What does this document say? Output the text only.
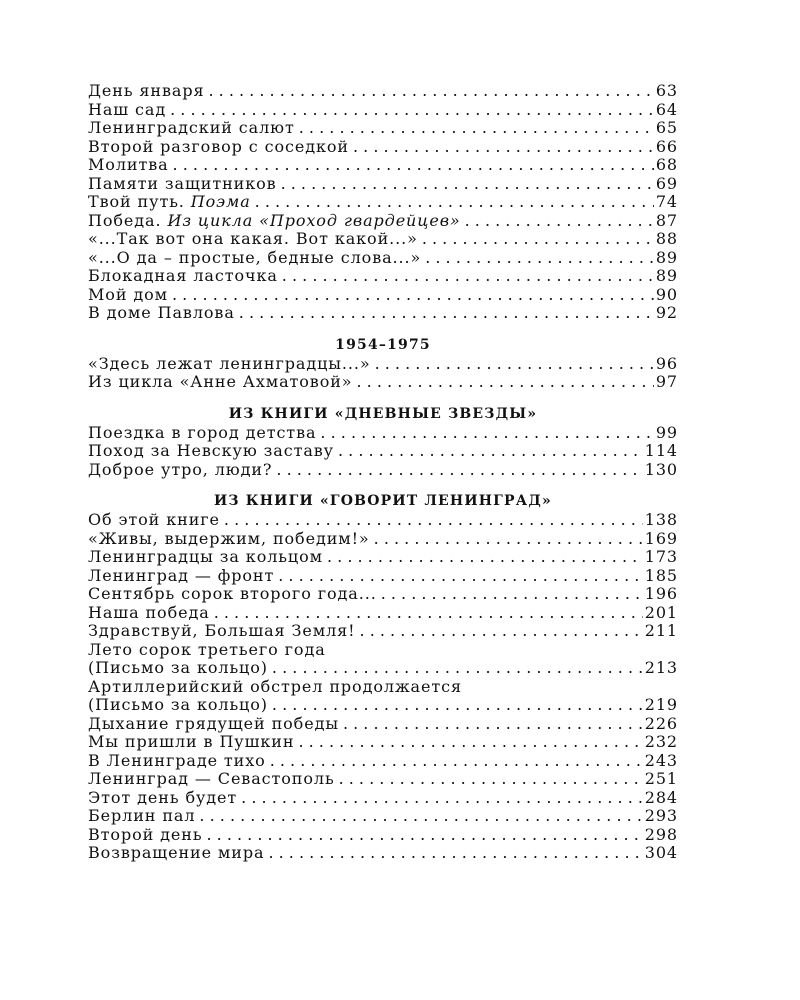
День января . . .	63
Наш сад . . .	64
Ленинградский салют . . .	65
Второй разговор с соседкой . . .	66
Молитва . . .	68
Памяти защитников . . .	69
Твой путь. Поэма . . .	74
Победа. Из цикла «Проход гвардейцев» . . .	87
«...Так вот она какая. Вот какой...» . . .	88
«...О да – простые, бедные слова...» . . .	89
Блокадная ласточка . . .	89
Мой дом . . .	90
В доме Павлова . . .	92
1954–1975
«Здесь лежат ленинградцы...» . . .	96
Из цикла «Анне Ахматовой» . . .	97
ИЗ КНИГИ «ДНЕВНЫЕ ЗВЕЗДЫ»
Поездка в город детства . . .	99
Поход за Невскую заставу . . .	114
Доброе утро, люди? . . .	130
ИЗ КНИГИ «ГОВОРИТ ЛЕНИНГРАД»
Об этой книге . . .	138
«Живы, выдержим, победим!» . . .	169
Ленинградцы за кольцом . . .	173
Ленинград — фронт . . .	185
Сентябрь сорок второго года... . . .	196
Наша победа . . .	201
Здравствуй, Большая Земля! . . .	211
Лето сорок третьего года
(Письмо за кольцо) . . .	213
Артиллерийский обстрел продолжается
(Письмо за кольцо) . . .	219
Дыхание грядущей победы . . .	226
Мы пришли в Пушкин . . .	232
В Ленинграде тихо . . .	243
Ленинград — Севастополь . . .	251
Этот день будет . . .	284
Берлин пал . . .	293
Второй день . . .	298
Возвращение мира . . .	304
